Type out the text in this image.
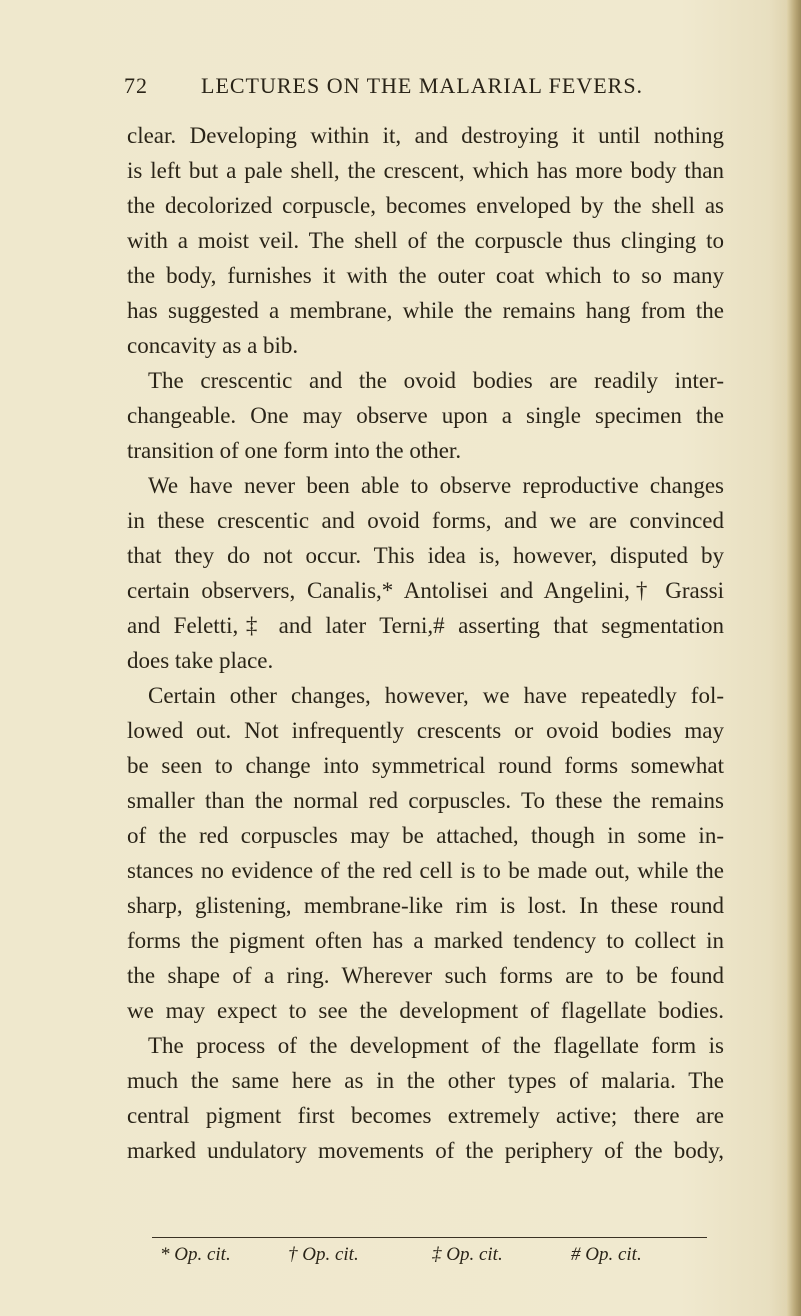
72 LECTURES ON THE MALARIAL FEVERS.
clear. Developing within it, and destroying it until nothing
is left but a pale shell, the crescent, which has more body than
the decolorized corpuscle, becomes enveloped by the shell as
with a moist veil. The shell of the corpuscle thus clinging to
the body, furnishes it with the outer coat which to so many
has suggested a membrane, while the remains hang from the
concavity as a bib.
The crescentic and the ovoid bodies are readily inter-
changeable. One may observe upon a single specimen the
transition of one form into the other.
We have never been able to observe reproductive changes
in these crescentic and ovoid forms, and we are convinced
that they do not occur. This idea is, however, disputed by
certain observers, Canalis,* Antolisei and Angelini,† Grassi
and Feletti,‡ and later Terni,# asserting that segmentation
does take place.
Certain other changes, however, we have repeatedly fol-
lowed out. Not infrequently crescents or ovoid bodies may
be seen to change into symmetrical round forms somewhat
smaller than the normal red corpuscles. To these the remains
of the red corpuscles may be attached, though in some in-
stances no evidence of the red cell is to be made out, while the
sharp, glistening, membrane-like rim is lost. In these round
forms the pigment often has a marked tendency to collect in
the shape of a ring. Wherever such forms are to be found
we may expect to see the development of flagellate bodies.
The process of the development of the flagellate form is
much the same here as in the other types of malaria. The
central pigment first becomes extremely active; there are
marked undulatory movements of the periphery of the body,
* Op. cit.	† Op. cit.	‡ Op. cit.	# Op. cit.
